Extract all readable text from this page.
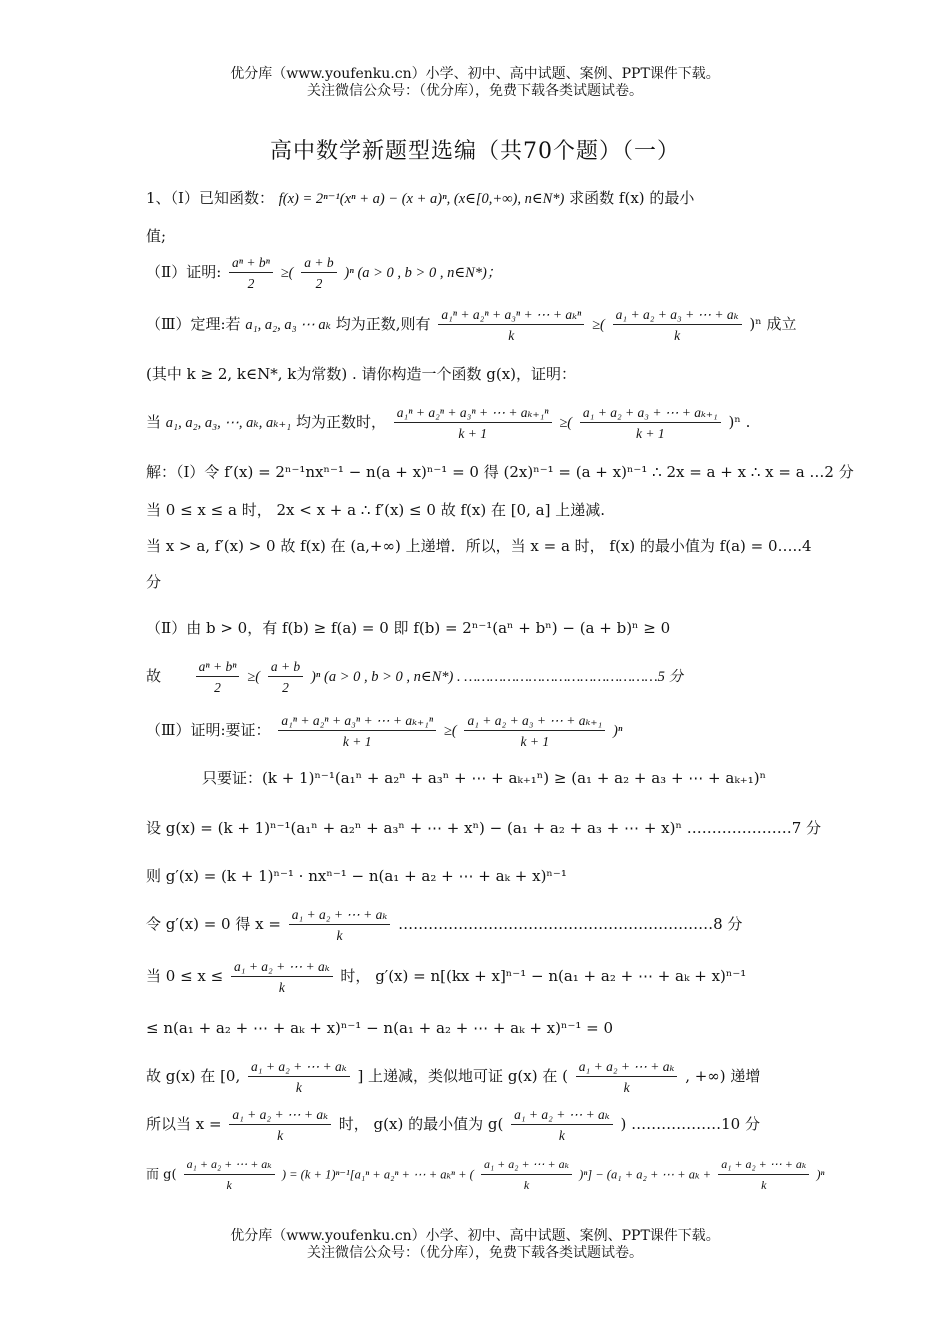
优分库（www.youfenku.cn）小学、初中、高中试题、案例、PPT课件下载。
关注微信公众号：（优分库），免费下载各类试题试卷。
高中数学新题型选编（共70个题）（一）
1、（Ⅰ）已知函数： f(x) = 2ⁿ⁻¹(xⁿ + a) − (x + a)ⁿ, (x∈[0,+∞), n∈N*) 求函数 f(x) 的最小
值;
（Ⅱ）证明: $\frac{\text{aⁿ + bⁿ}}{2}$ ≥( $\frac{a + b}{2} )^n$ (a > 0 , b > 0 , n∈N*)；
（Ⅲ）定理:若 a₁, a₂, a₃ ⋯ aₖ 均为正数,则有 $\frac{\text{a₁ⁿ + a₂ⁿ + a₃ⁿ + ⋯ + aₖⁿ}}{k}$ ≥( $\frac{\text{a₁ + a₂ + a₃ + ⋯ + aₖ}}{k} )^n$ 成立
(其中 k ≥ 2, k∈N*, k为常数) . 请你构造一个函数 g(x)，证明：
当 a₁, a₂, a₃, ⋯, aₖ, aₖ₊₁ 均为正数时， $\frac{\text{a₁ⁿ + a₂ⁿ + a₃ⁿ + ⋯ + aₖ₊₁ⁿ}}{k + 1}$ ≥( $\frac{\text{a₁ + a₂ + a₃ + ⋯ + aₖ₊₁}}{k + 1} )^n$ .
解：（Ⅰ）令 f′(x) = 2ⁿ⁻¹nxⁿ⁻¹ − n(a + x)ⁿ⁻¹ = 0 得 (2x)ⁿ⁻¹ = (a + x)ⁿ⁻¹ ∴ 2x = a + x ∴ x = a …2 分
当 0 ≤ x ≤ a 时， 2x < x + a ∴ f′(x) ≤ 0 故 f(x) 在 [0, a] 上递减.
当 x > a, f′(x) > 0 故 f(x) 在 (a,+∞) 上递增．所以，当 x = a 时， f(x) 的最小值为 f(a) = 0…..4
分
（Ⅱ）由 b > 0，有 f(b) ≥ f(a) = 0 即 f(b) = 2ⁿ⁻¹(aⁿ + bⁿ) − (a + b)ⁿ ≥ 0
故	$\frac{\text{aⁿ + bⁿ}}{2}$ ≥( $\frac{a + b}{2} )^n$ (a > 0 , b > 0 , n∈N*) . ………………………………………5 分
（Ⅲ）证明:要证： $\frac{\text{a₁ⁿ + a₂ⁿ + a₃ⁿ + ⋯ + aₖ₊₁ⁿ}}{k + 1}$ ≥( $\frac{\text{a₁ + a₂ + a₃ + ⋯ + aₖ₊₁}}{k + 1} )^n$
只要证：(k + 1)ⁿ⁻¹(a₁ⁿ + a₂ⁿ + a₃ⁿ + ⋯ + aₖ₊₁ⁿ) ≥ (a₁ + a₂ + a₃ + ⋯ + aₖ₊₁)ⁿ
设 g(x) = (k + 1)ⁿ⁻¹(a₁ⁿ + a₂ⁿ + a₃ⁿ + ⋯ + xⁿ) − (a₁ + a₂ + a₃ + ⋯ + x)ⁿ …………………7 分
则 g′(x) = (k + 1)ⁿ⁻¹ · nxⁿ⁻¹ − n(a₁ + a₂ + ⋯ + aₖ + x)ⁿ⁻¹
令 g′(x) = 0 得 $x = \frac{\text{a₁ + a₂ + ⋯ + aₖ}}{k}$ ………………………………………………………8 分
当 $0 \le x \le \frac{\text{a₁ + a₂ + ⋯ + aₖ}}{k}$ 时， g′(x) = n[(kx + x]ⁿ⁻¹ − n(a₁ + a₂ + ⋯ + aₖ + x)ⁿ⁻¹
≤ n(a₁ + a₂ + ⋯ + aₖ + x)ⁿ⁻¹ − n(a₁ + a₂ + ⋯ + aₖ + x)ⁿ⁻¹ = 0
故 g(x) 在 [0, $\frac{\text{a₁ + a₂ + ⋯ + aₖ}}{k}$ ] 上递减，类似地可证 g(x) 在 ( $\frac{\text{a₁ + a₂ + ⋯ + aₖ}}{k}$ , +∞) 递增
所以当 $x = \frac{\text{a₁ + a₂ + ⋯ + aₖ}}{k}$ 时， g(x) 的最小值为 $g( \frac{\text{a₁ + a₂ + ⋯ + aₖ}}{k}$ ) ………………10 分
而 $g( \frac{\text{a₁ + a₂ + ⋯ + aₖ}}{k}$ ) = (k + 1)ⁿ⁻¹[a₁ⁿ + a₂ⁿ + ⋯ + aₖⁿ + ( $\frac{\text{a₁ + a₂ + ⋯ + aₖ}}{k} )^n] - (a_1 + a_2$ + ⋯ + $a_k + \frac{\text{a₁ + a₂ + ⋯ + aₖ}}{k} )^n$
优分库（www.youfenku.cn）小学、初中、高中试题、案例、PPT课件下载。
关注微信公众号：（优分库），免费下载各类试题试卷。
